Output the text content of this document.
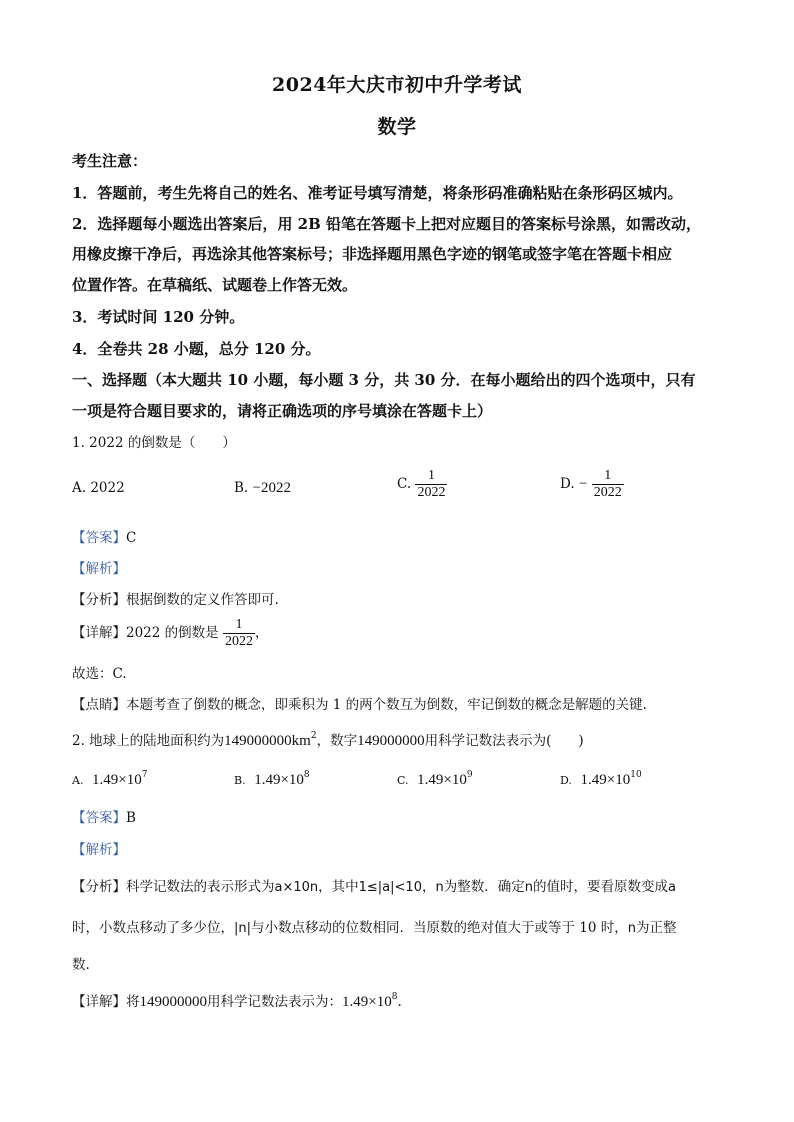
2024年大庆市初中升学考试
数学
考生注意：
1．答题前，考生先将自己的姓名、准考证号填写清楚，将条形码准确粘贴在条形码区城内。
2．选择题每小题选出答案后，用 2B 铅笔在答题卡上把对应题目的答案标号涂黑，如需改动，
用橡皮擦干净后，再选涂其他答案标号；非选择题用黑色字迹的钢笔或签字笔在答题卡相应
位置作答。在草稿纸、试题卷上作答无效。
3．考试时间 120 分钟。
4．全卷共 28 小题，总分 120 分。
一、选择题（本大题共 10 小题，每小题 3 分，共 30 分．在每小题给出的四个选项中，只有
一项是符合题目要求的，请将正确选项的序号填涂在答题卡上）
1. 2022 的倒数是（　　）
A. 2022	B. −2022	C. $\frac{1}{2022}$	D. − $\frac{1}{2022}$
【答案】C
【解析】
【分析】根据倒数的定义作答即可.
【详解】2022 的倒数是 $\frac{1}{2022}$ ，
故选：C.
【点睛】本题考查了倒数的概念，即乘积为 1 的两个数互为倒数，牢记倒数的概念是解题的关键.
2. 地球上的陆地面积约为$149000000km^2$，数字149000000用科学记数法表示为(　　)
A. $1.49\times 10^7$	B. $1.49\times 10^8$	C. $1.49\times 10^9$	D. $1.49\times 10^{10}$
【答案】B
【解析】
【分析】科学记数法的表示形式为a×10n，其中1≤|a|<10，n为整数．确定n的值时，要看原数变成a
时，小数点移动了多少位，|n|与小数点移动的位数相同．当原数的绝对值大于或等于 10 时，n为正整
数.
【详解】将149000000用科学记数法表示为：$1.49\times 10^8$.
